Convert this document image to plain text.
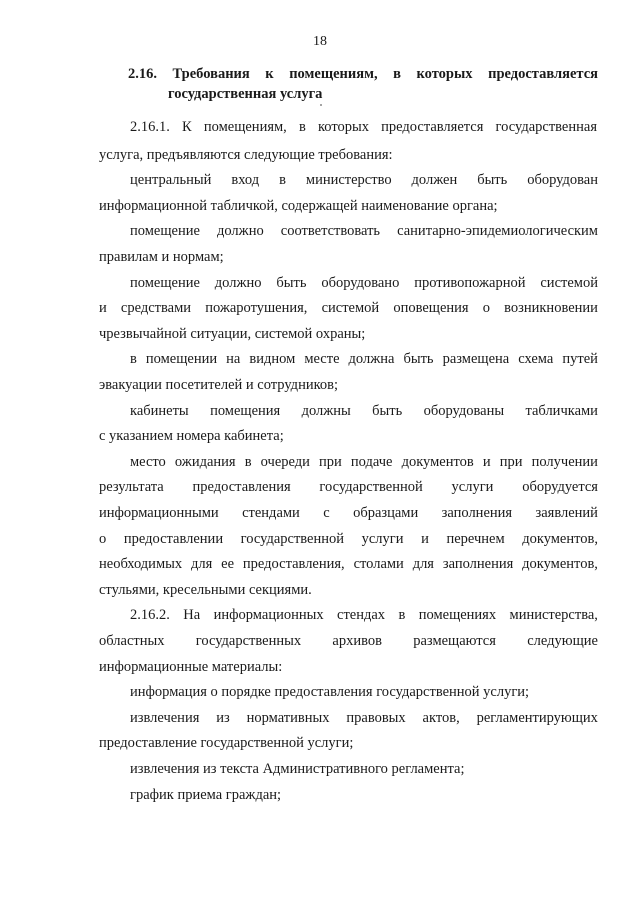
18
2.16. Требования к помещениям, в которых предоставляется
государственная услуга
2.16.1. К помещениям, в которых предоставляется государственная
услуга, предъявляются следующие требования:
центральный вход в министерство должен быть оборудован
информационной табличкой, содержащей наименование органа;
помещение должно соответствовать санитарно-эпидемиологическим
правилам и нормам;
помещение должно быть оборудовано противопожарной системой
и средствами пожаротушения, системой оповещения о возникновении
чрезвычайной ситуации, системой охраны;
в помещении на видном месте должна быть размещена схема путей
эвакуации посетителей и сотрудников;
кабинеты помещения должны быть оборудованы табличками
с указанием номера кабинета;
место ожидания в очереди при подаче документов и при получении
результата предоставления государственной услуги оборудуется
информационными стендами с образцами заполнения заявлений
о предоставлении государственной услуги и перечнем документов,
необходимых для ее предоставления, столами для заполнения документов,
стульями, кресельными секциями.
2.16.2. На информационных стендах в помещениях министерства,
областных государственных архивов размещаются следующие
информационные материалы:
информация о порядке предоставления государственной услуги;
извлечения из нормативных правовых актов, регламентирующих
предоставление государственной услуги;
извлечения из текста Административного регламента;
график приема граждан;
